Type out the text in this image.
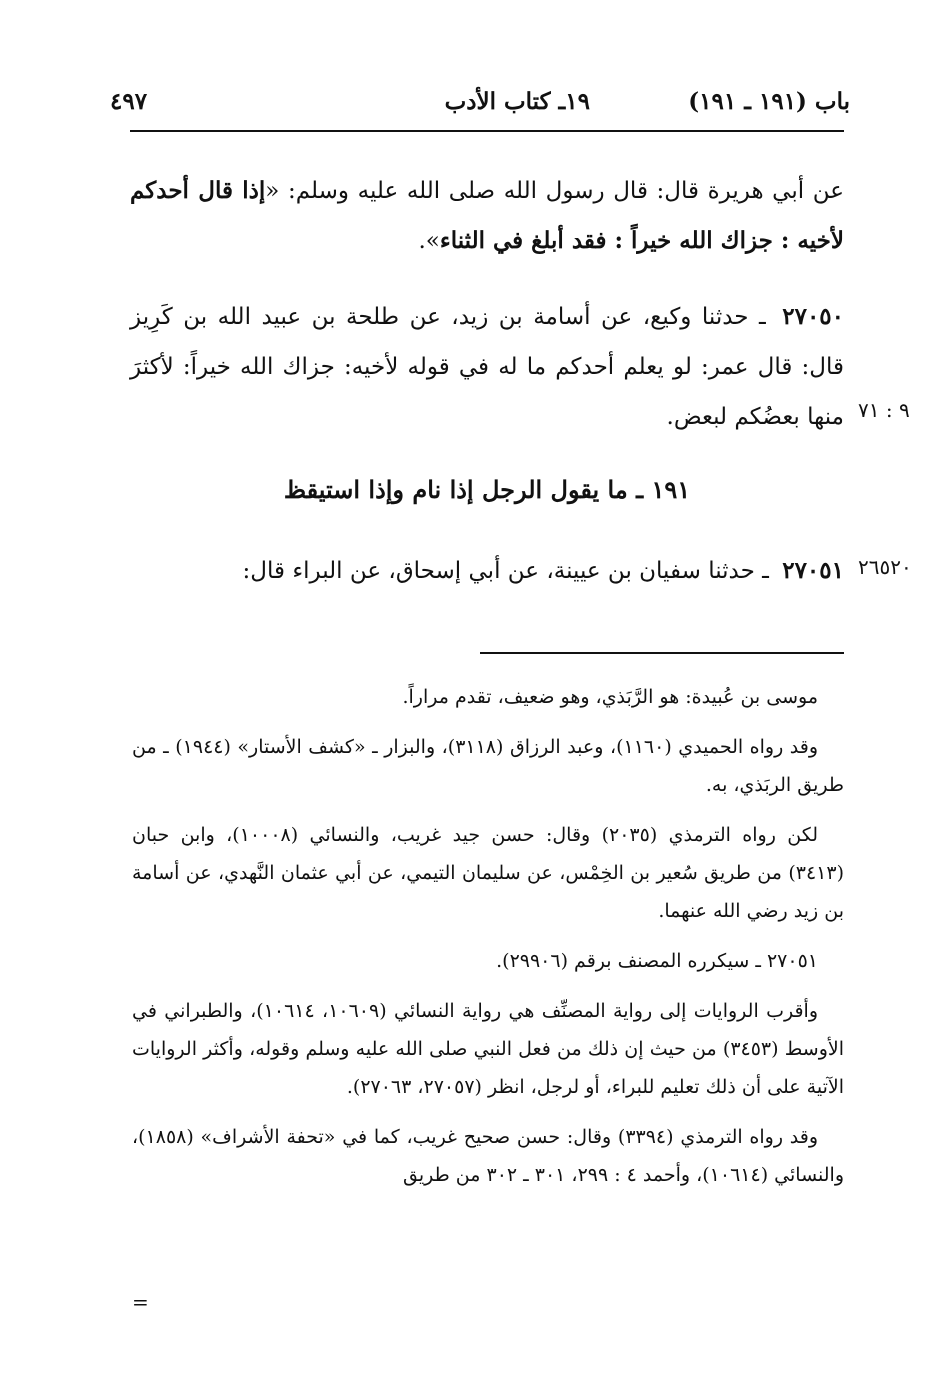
باب (١٩١ ـ ١٩١)
١٩ـ كتاب الأدب
٤٩٧

عن أبي هريرة قال: قال رسول الله صلى الله عليه وسلم: «إذا قال أحدكم لأخيه : جزاك الله خيراً : فقد أبلغ في الثناء».

٢٧٠٥٠ ـ حدثنا وكيع، عن أسامة بن زيد، عن طلحة بن عبيد الله بن كَرِيز قال: قال عمر: لو يعلم أحدكم ما له في قوله لأخيه: جزاك الله خيراً: لأكثرَ منها بعضُكم لبعض. ٩ : ٧١
١٩١ ـ ما يقول الرجل إذا نام وإذا استيقظ

٢٧٠٥١ ـ حدثنا سفيان بن عيينة، عن أبي إسحاق، عن البراء قال:	٢٦٥٢٠

موسى بن عُبيدة: هو الرَّبَذي، وهو ضعيف، تقدم مراراً.

وقد رواه الحميدي (١١٦٠)، وعبد الرزاق (٣١١٨)، والبزار ـ «كشف الأستار» (١٩٤٤) ـ من طريق الربَذي، به.

لكن رواه الترمذي (٢٠٣٥) وقال: حسن جيد غريب، والنسائي (١٠٠٠٨)، وابن حبان (٣٤١٣) من طريق سُعير بن الخِمْس، عن سليمان التيمي، عن أبي عثمان النَّهدي، عن أسامة بن زيد رضي الله عنهما.

٢٧٠٥١ ـ سيكرره المصنف برقم (٢٩٩٠٦).

وأقرب الروايات إلى رواية المصنِّف هي رواية النسائي (١٠٦٠٩، ١٠٦١٤)، والطبراني في الأوسط (٣٤٥٣) من حيث إن ذلك من فعل النبي صلى الله عليه وسلم وقوله، وأكثر الروايات الآتية على أن ذلك تعليم للبراء، أو لرجل، انظر (٢٧٠٥٧، ٢٧٠٦٣).

وقد رواه الترمذي (٣٣٩٤) وقال: حسن صحيح غريب، كما في «تحفة الأشراف» (١٨٥٨)، والنسائي (١٠٦١٤)، وأحمد ٤ : ٢٩٩، ٣٠١ ـ ٣٠٢ من طريق

=
